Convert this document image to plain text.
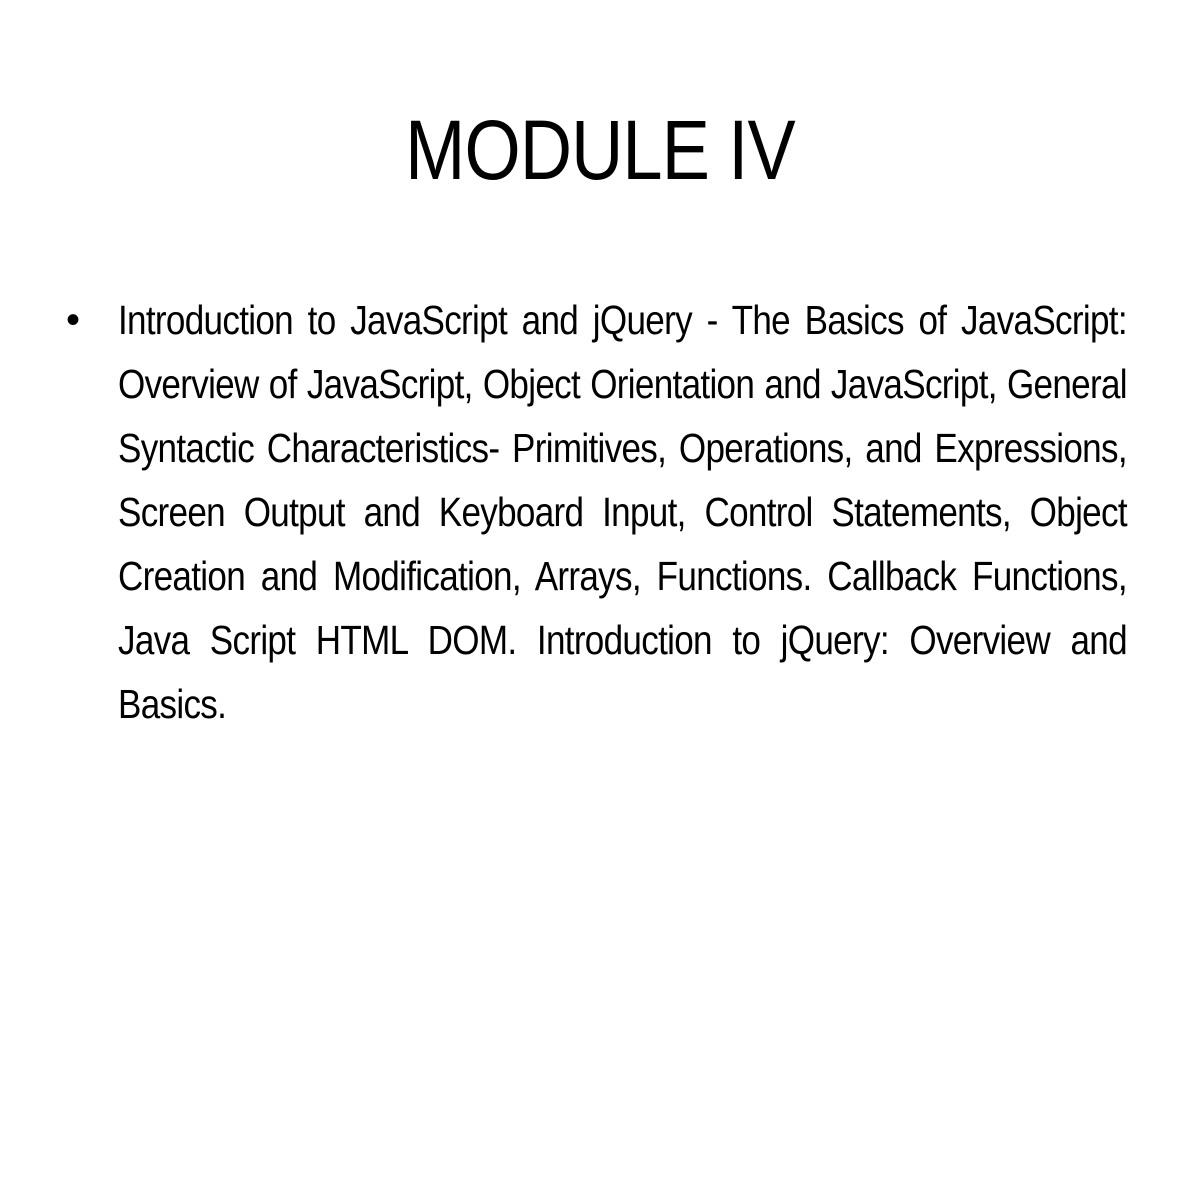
MODULE IV
• Introduction to JavaScript and jQuery - The Basics of JavaScript: Overview of JavaScript, Object Orientation and JavaScript, General Syntactic Characteristics- Primitives, Operations, and Expressions, Screen Output and Keyboard Input, Control Statements, Object Creation and Modification, Arrays, Functions. Callback Functions, Java Script HTML DOM. Introduction to jQuery: Overview and Basics.
